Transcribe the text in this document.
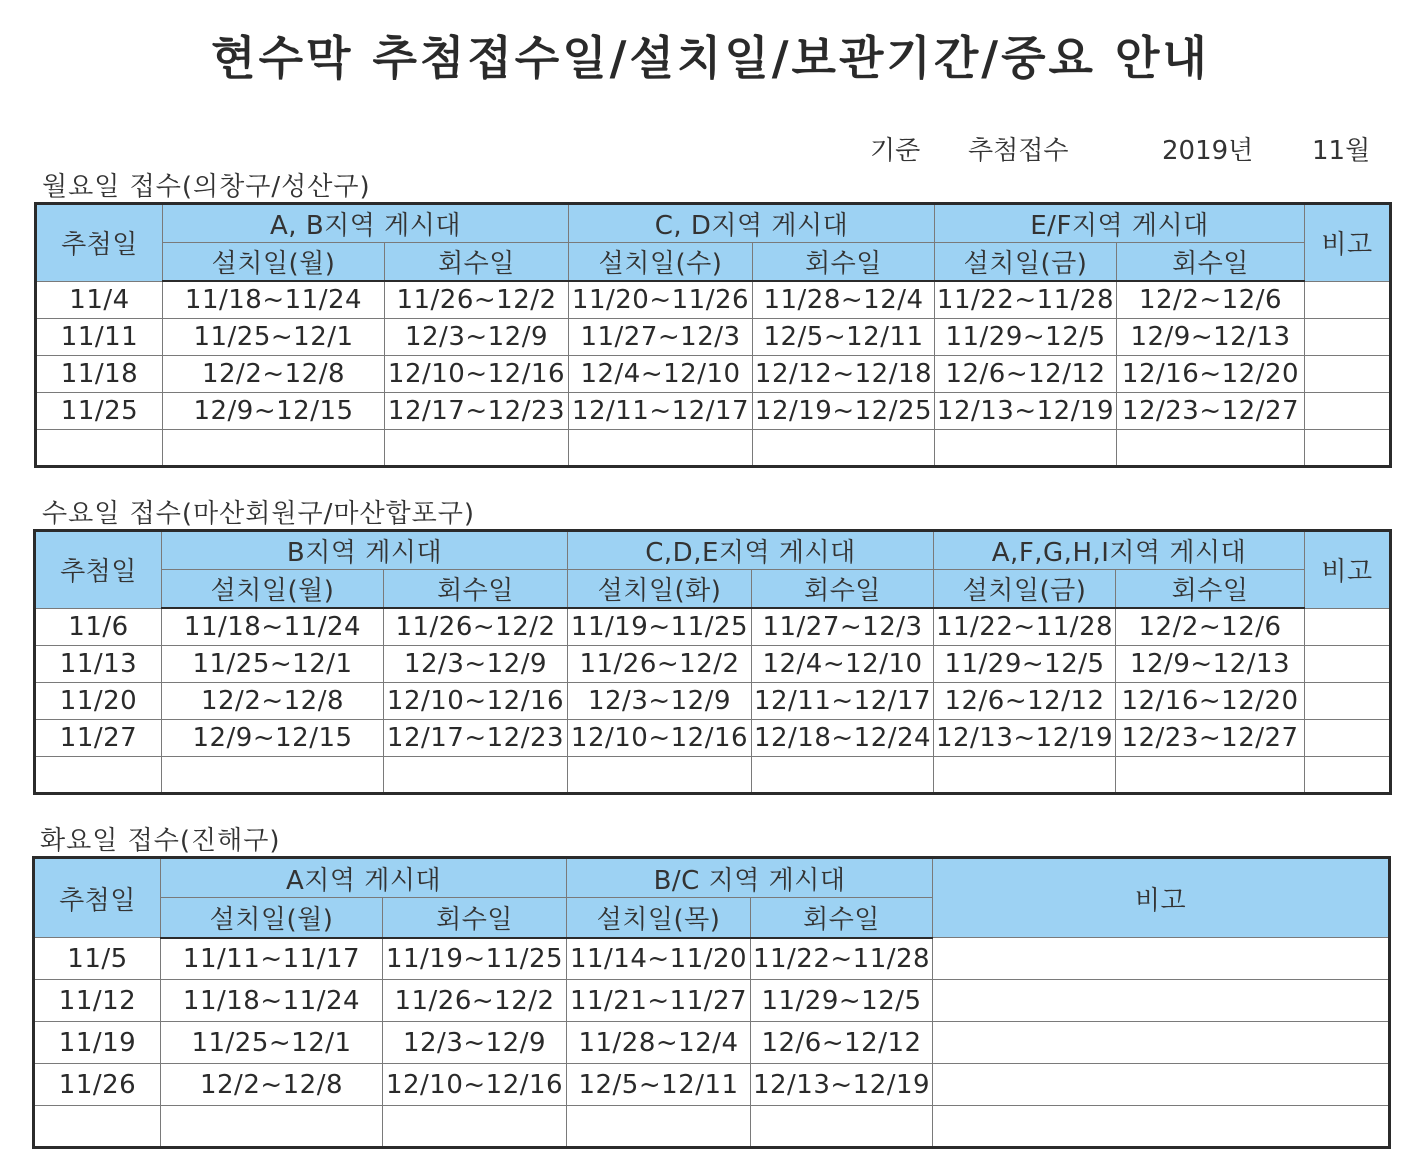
현수막 추첨접수일/설치일/보관기간/중요 안내
기준 추첨접수	2019년 11월
월요일 접수(의창구/성산구)
추첨일	A, B지역 게시대		C, D지역 게시대		E/F지역 게시대		비고
	설치일(월)	회수일	설치일(수)	회수일	설치일(금)	회수일	
11/4	11/18~11/24	11/26~12/2	11/20~11/26	11/28~12/4	11/22~11/28	12/2~12/6	
11/11	11/25~12/1	12/3~12/9	11/27~12/3	12/5~12/11	11/29~12/5	12/9~12/13	
11/18	12/2~12/8	12/10~12/16	12/4~12/10	12/12~12/18	12/6~12/12	12/16~12/20	
11/25	12/9~12/15	12/17~12/23	12/11~12/17	12/19~12/25	12/13~12/19	12/23~12/27	

수요일 접수(마산회원구/마산합포구)
추첨일	B지역 게시대		C,D,E지역 게시대		A,F,G,H,I지역 게시대		비고
	설치일(월)	회수일	설치일(화)	회수일	설치일(금)	회수일	
11/6	11/18~11/24	11/26~12/2	11/19~11/25	11/27~12/3	11/22~11/28	12/2~12/6	
11/13	11/25~12/1	12/3~12/9	11/26~12/2	12/4~12/10	11/29~12/5	12/9~12/13	
11/20	12/2~12/8	12/10~12/16	12/3~12/9	12/11~12/17	12/6~12/12	12/16~12/20	
11/27	12/9~12/15	12/17~12/23	12/10~12/16	12/18~12/24	12/13~12/19	12/23~12/27	

화요일 접수(진해구)
추첨일	A지역 게시대		B/C 지역 게시대		비고
	설치일(월)	회수일	설치일(목)	회수일	
11/5	11/11~11/17	11/19~11/25	11/14~11/20	11/22~11/28	
11/12	11/18~11/24	11/26~12/2	11/21~11/27	11/29~12/5	
11/19	11/25~12/1	12/3~12/9	11/28~12/4	12/6~12/12	
11/26	12/2~12/8	12/10~12/16	12/5~12/11	12/13~12/19	
